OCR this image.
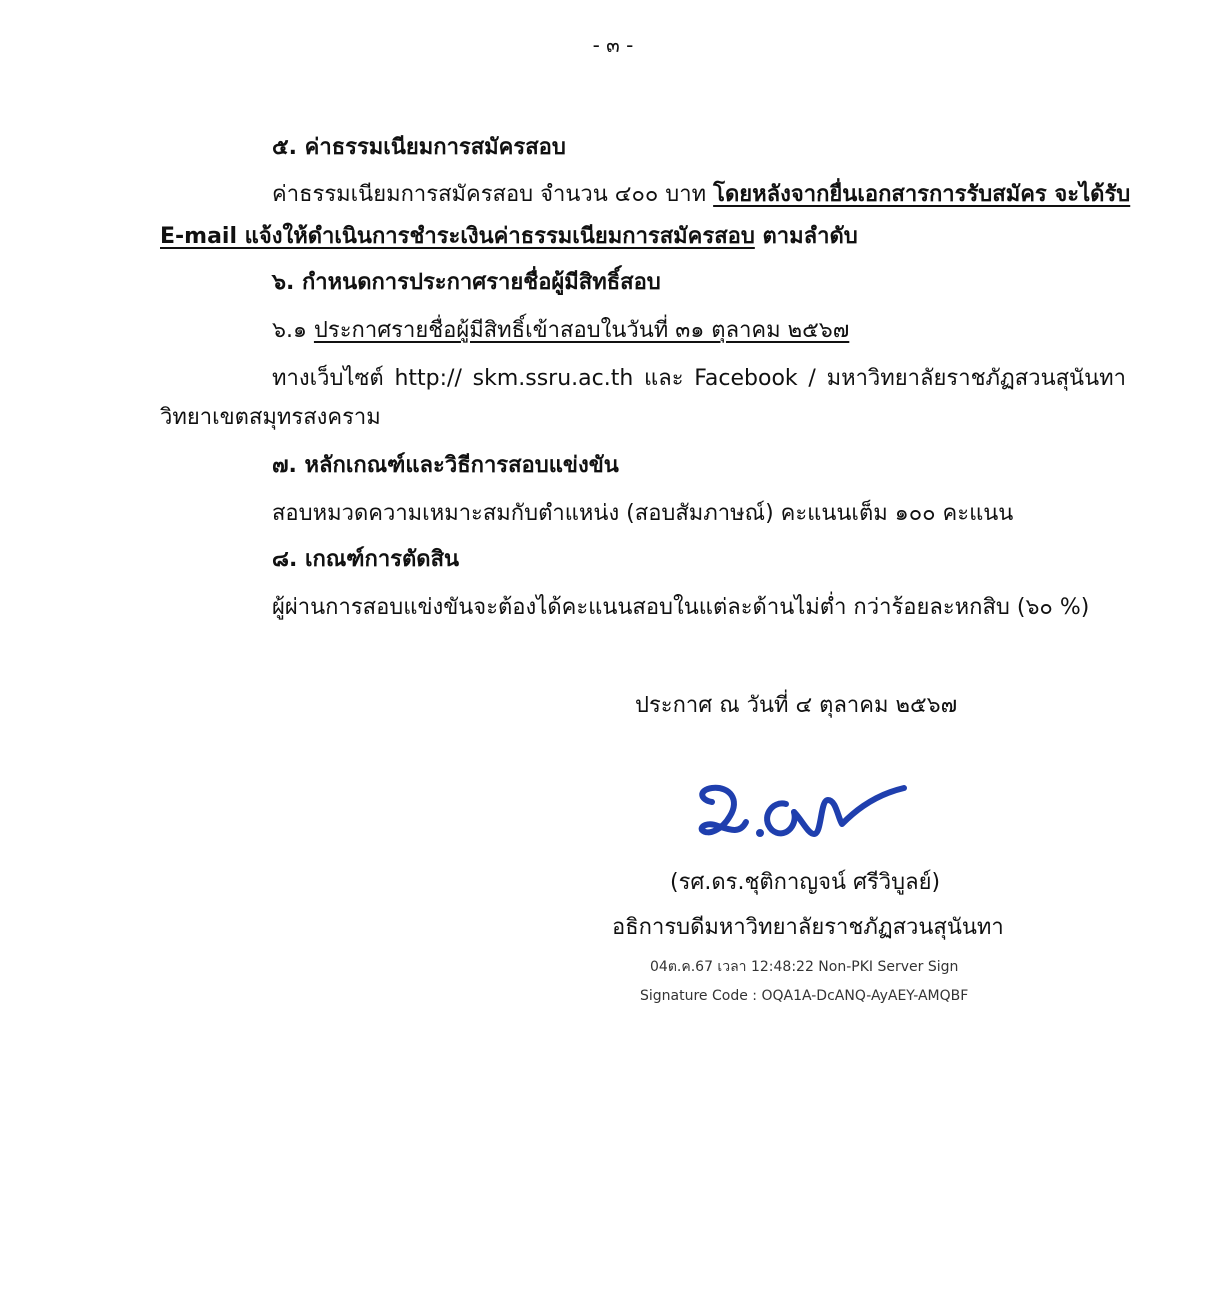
- ๓ -
๕. ค่าธรรมเนียมการสมัครสอบ
ค่าธรรมเนียมการสมัครสอบ จำนวน ๔๐๐ บาท โดยหลังจากยื่นเอกสารการรับสมัคร จะได้รับ
E-mail แจ้งให้ดำเนินการชำระเงินค่าธรรมเนียมการสมัครสอบ ตามลำดับ
๖. กำหนดการประกาศรายชื่อผู้มีสิทธิ์สอบ
๖.๑ ประกาศรายชื่อผู้มีสิทธิ์เข้าสอบในวันที่ ๓๑ ตุลาคม ๒๕๖๗
ทางเว็บไซต์ http:// skm.ssru.ac.th และ Facebook / มหาวิทยาลัยราชภัฏสวนสุนันทา
วิทยาเขตสมุทรสงคราม
๗. หลักเกณฑ์และวิธีการสอบแข่งขัน
สอบหมวดความเหมาะสมกับตำแหน่ง (สอบสัมภาษณ์) คะแนนเต็ม ๑๐๐ คะแนน
๘. เกณฑ์การตัดสิน
ผู้ผ่านการสอบแข่งขันจะต้องได้คะแนนสอบในแต่ละด้านไม่ต่ำ กว่าร้อยละหกสิบ (๖๐ %)
ประกาศ ณ วันที่ ๔ ตุลาคม ๒๕๖๗
(รศ.ดร.ชุติกาญจน์ ศรีวิบูลย์)
อธิการบดีมหาวิทยาลัยราชภัฏสวนสุนันทา
04ต.ค.67 เวลา 12:48:22 Non-PKI Server Sign
Signature Code : OQA1A-DcANQ-AyAEY-AMQBF
